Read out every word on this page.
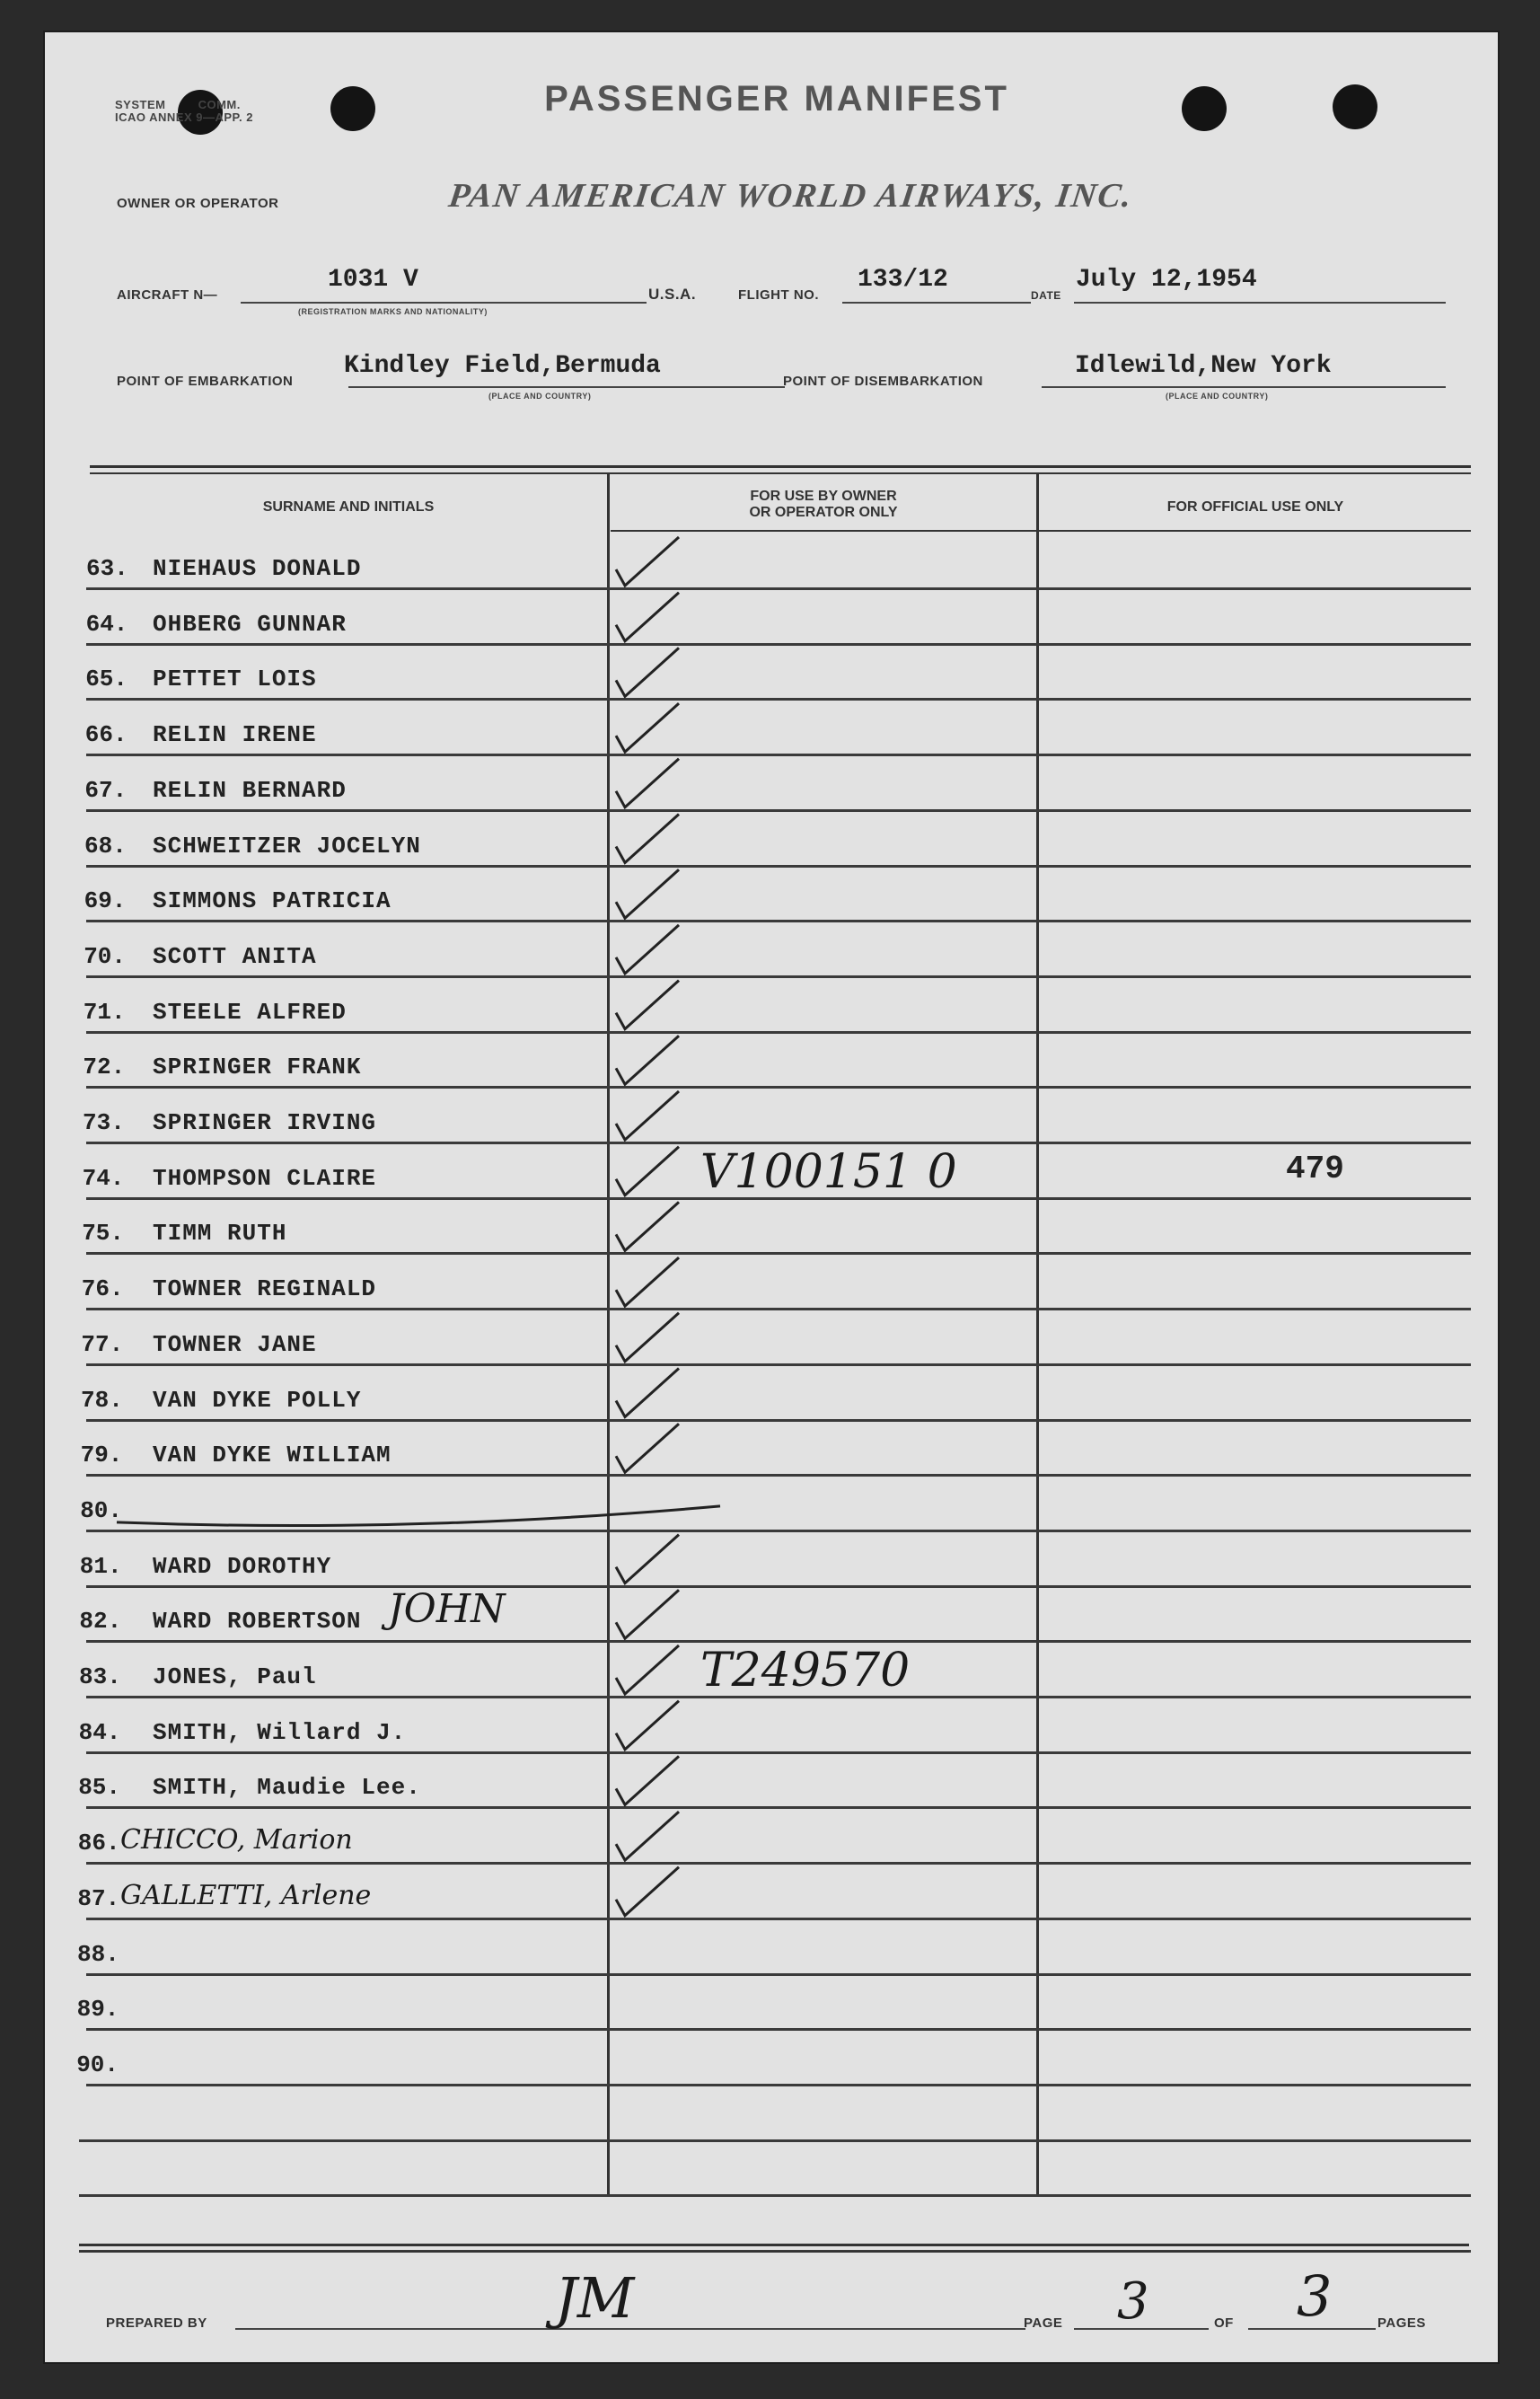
SYSTEM	COMM.
ICAO ANNEX 9—APP. 2	PASSENGER MANIFEST
OWNER OR OPERATOR	PAN AMERICAN WORLD AIRWAYS, INC.
AIRCRAFT N—
1031 V
(REGISTRATION MARKS AND NATIONALITY)
U.S.A.	FLIGHT NO.
133/12
DATE
July 12,1954
POINT OF EMBARKATION
Kindley Field,Bermuda
(PLACE AND COUNTRY)
POINT OF DISEMBARKATION
Idlewild,New York
(PLACE AND COUNTRY)
SURNAME AND INITIALS
FOR USE BY OWNER
OR OPERATOR ONLY	FOR OFFICIAL USE ONLY
63. NIEHAUS DONALD
64. OHBERG GUNNAR
65. PETTET LOIS
66. RELIN IRENE
67. RELIN BERNARD
68. SCHWEITZER JOCELYN
69. SIMMONS PATRICIA
70. SCOTT ANITA
71. STEELE ALFRED
72. SPRINGER FRANK
73. SPRINGER IRVING
74. THOMPSON CLAIRE	V100151 0	479
75. TIMM RUTH
76. TOWNER REGINALD
77. TOWNER JANE
78. VAN DYKE POLLY
79. VAN DYKE WILLIAM
80.
81. WARD DOROTHY
82. WARD ROBERTSON JOHN
83. JONES, Paul	T249570
84. SMITH, Willard J.
85. SMITH, Maudie Lee.
86. CHICCO, Marion
87. GALLETTI, Arlene
88.
89.
90.
PREPARED BY	JM	PAGE 3	OF 3	PAGES
